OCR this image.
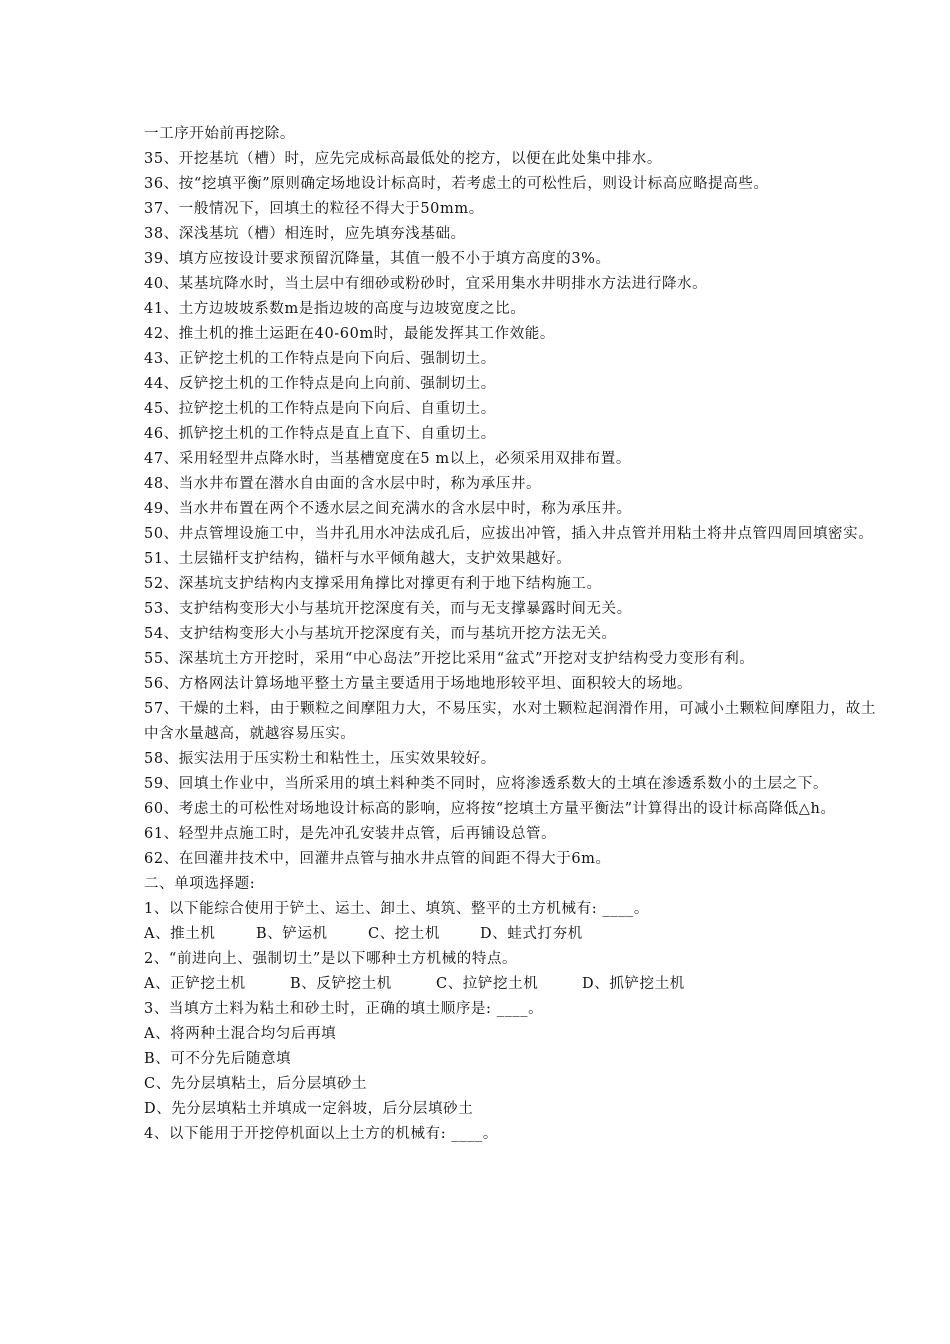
一工序开始前再挖除。

35、开挖基坑（槽）时，应先完成标高最低处的挖方，以便在此处集中排水。

36、按“挖填平衡”原则确定场地设计标高时，若考虑土的可松性后，则设计标高应略提高些。

37、一般情况下，回填土的粒径不得大于50mm。

38、深浅基坑（槽）相连时，应先填夯浅基础。

39、填方应按设计要求预留沉降量，其值一般不小于填方高度的3%。

40、某基坑降水时，当土层中有细砂或粉砂时，宜采用集水井明排水方法进行降水。

41、土方边坡坡系数m是指边坡的高度与边坡宽度之比。

42、推土机的推土运距在40-60m时，最能发挥其工作效能。

43、正铲挖土机的工作特点是向下向后、强制切土。

44、反铲挖土机的工作特点是向上向前、强制切土。

45、拉铲挖土机的工作特点是向下向后、自重切土。

46、抓铲挖土机的工作特点是直上直下、自重切土。

47、采用轻型井点降水时，当基槽宽度在5 m以上，必须采用双排布置。

48、当水井布置在潜水自由面的含水层中时，称为承压井。

49、当水井布置在两个不透水层之间充满水的含水层中时，称为承压井。

50、井点管埋设施工中，当井孔用水冲法成孔后，应拔出冲管，插入井点管并用粘土将井点管四周回填密实。

51、土层锚杆支护结构，锚杆与水平倾角越大，支护效果越好。

52、深基坑支护结构内支撑采用角撑比对撑更有利于地下结构施工。

53、支护结构变形大小与基坑开挖深度有关，而与无支撑暴露时间无关。

54、支护结构变形大小与基坑开挖深度有关，而与基坑开挖方法无关。

55、深基坑土方开挖时，采用“中心岛法”开挖比采用“盆式”开挖对支护结构受力变形有利。

56、方格网法计算场地平整土方量主要适用于场地地形较平坦、面积较大的场地。

57、干燥的土料，由于颗粒之间摩阻力大，不易压实，水对土颗粒起润滑作用，可减小土颗粒间摩阻力，故土中含水量越高，就越容易压实。

58、振实法用于压实粉土和粘性土，压实效果较好。

59、回填土作业中，当所采用的填土料种类不同时，应将渗透系数大的土填在渗透系数小的土层之下。

60、考虑土的可松性对场地设计标高的影响，应将按“挖填土方量平衡法”计算得出的设计标高降低△h。

61、轻型井点施工时，是先冲孔安装井点管，后再铺设总管。

62、在回灌井技术中，回灌井点管与抽水井点管的间距不得大于6m。

二、单项选择题:

1、以下能综合使用于铲土、运土、卸土、填筑、整平的土方机械有: ____。

A、推土机	B、铲运机	C、挖土机	D、蛙式打夯机

2、“前进向上、强制切土”是以下哪种土方机械的特点。

A、正铲挖土机	B、反铲挖土机	C、拉铲挖土机	D、抓铲挖土机

3、当填方土料为粘土和砂土时，正确的填土顺序是: ____。

A、将两种土混合均匀后再填

B、可不分先后随意填

C、先分层填粘土，后分层填砂土

D、先分层填粘土并填成一定斜坡，后分层填砂土

4、以下能用于开挖停机面以上土方的机械有: ____。
